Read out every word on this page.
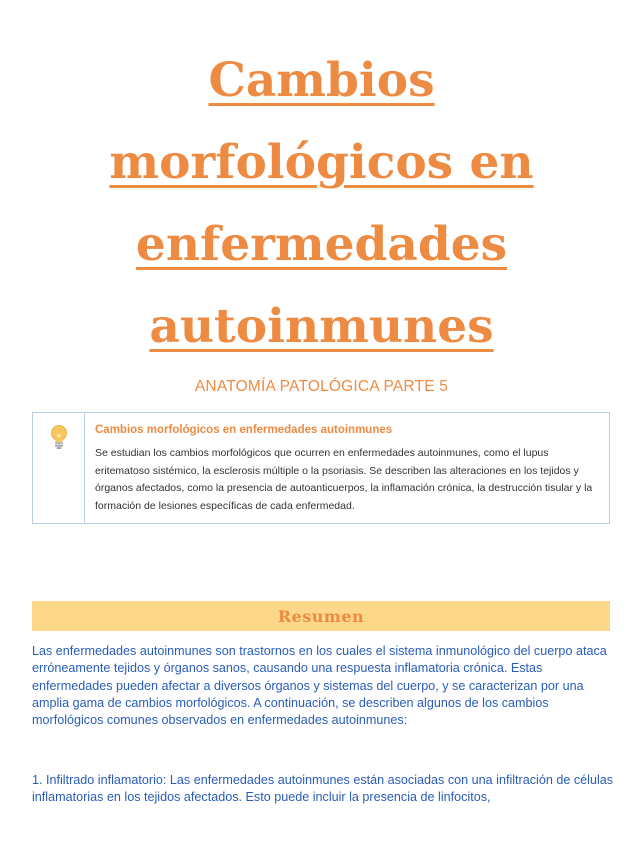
Cambios
morfológicos en
enfermedades
autoinmunes
ANATOMÍA PATOLÓGICA PARTE 5

Cambios morfológicos en enfermedades autoinmunes

Se estudian los cambios morfológicos que ocurren en enfermedades autoinmunes, como el lupus eritematoso sistémico, la esclerosis múltiple o la psoriasis. Se describen las alteraciones en los tejidos y órganos afectados, como la presencia de autoanticuerpos, la inflamación crónica, la destrucción tisular y la formación de lesiones específicas de cada enfermedad.

Resumen

Las enfermedades autoinmunes son trastornos en los cuales el sistema inmunológico del cuerpo ataca erróneamente tejidos y órganos sanos, causando una respuesta inflamatoria crónica. Estas enfermedades pueden afectar a diversos órganos y sistemas del cuerpo, y se caracterizan por una amplia gama de cambios morfológicos. A continuación, se describen algunos de los cambios morfológicos comunes observados en enfermedades autoinmunes:

1. Infiltrado inflamatorio: Las enfermedades autoinmunes están asociadas con una infiltración de células inflamatorias en los tejidos afectados. Esto puede incluir la presencia de linfocitos,
